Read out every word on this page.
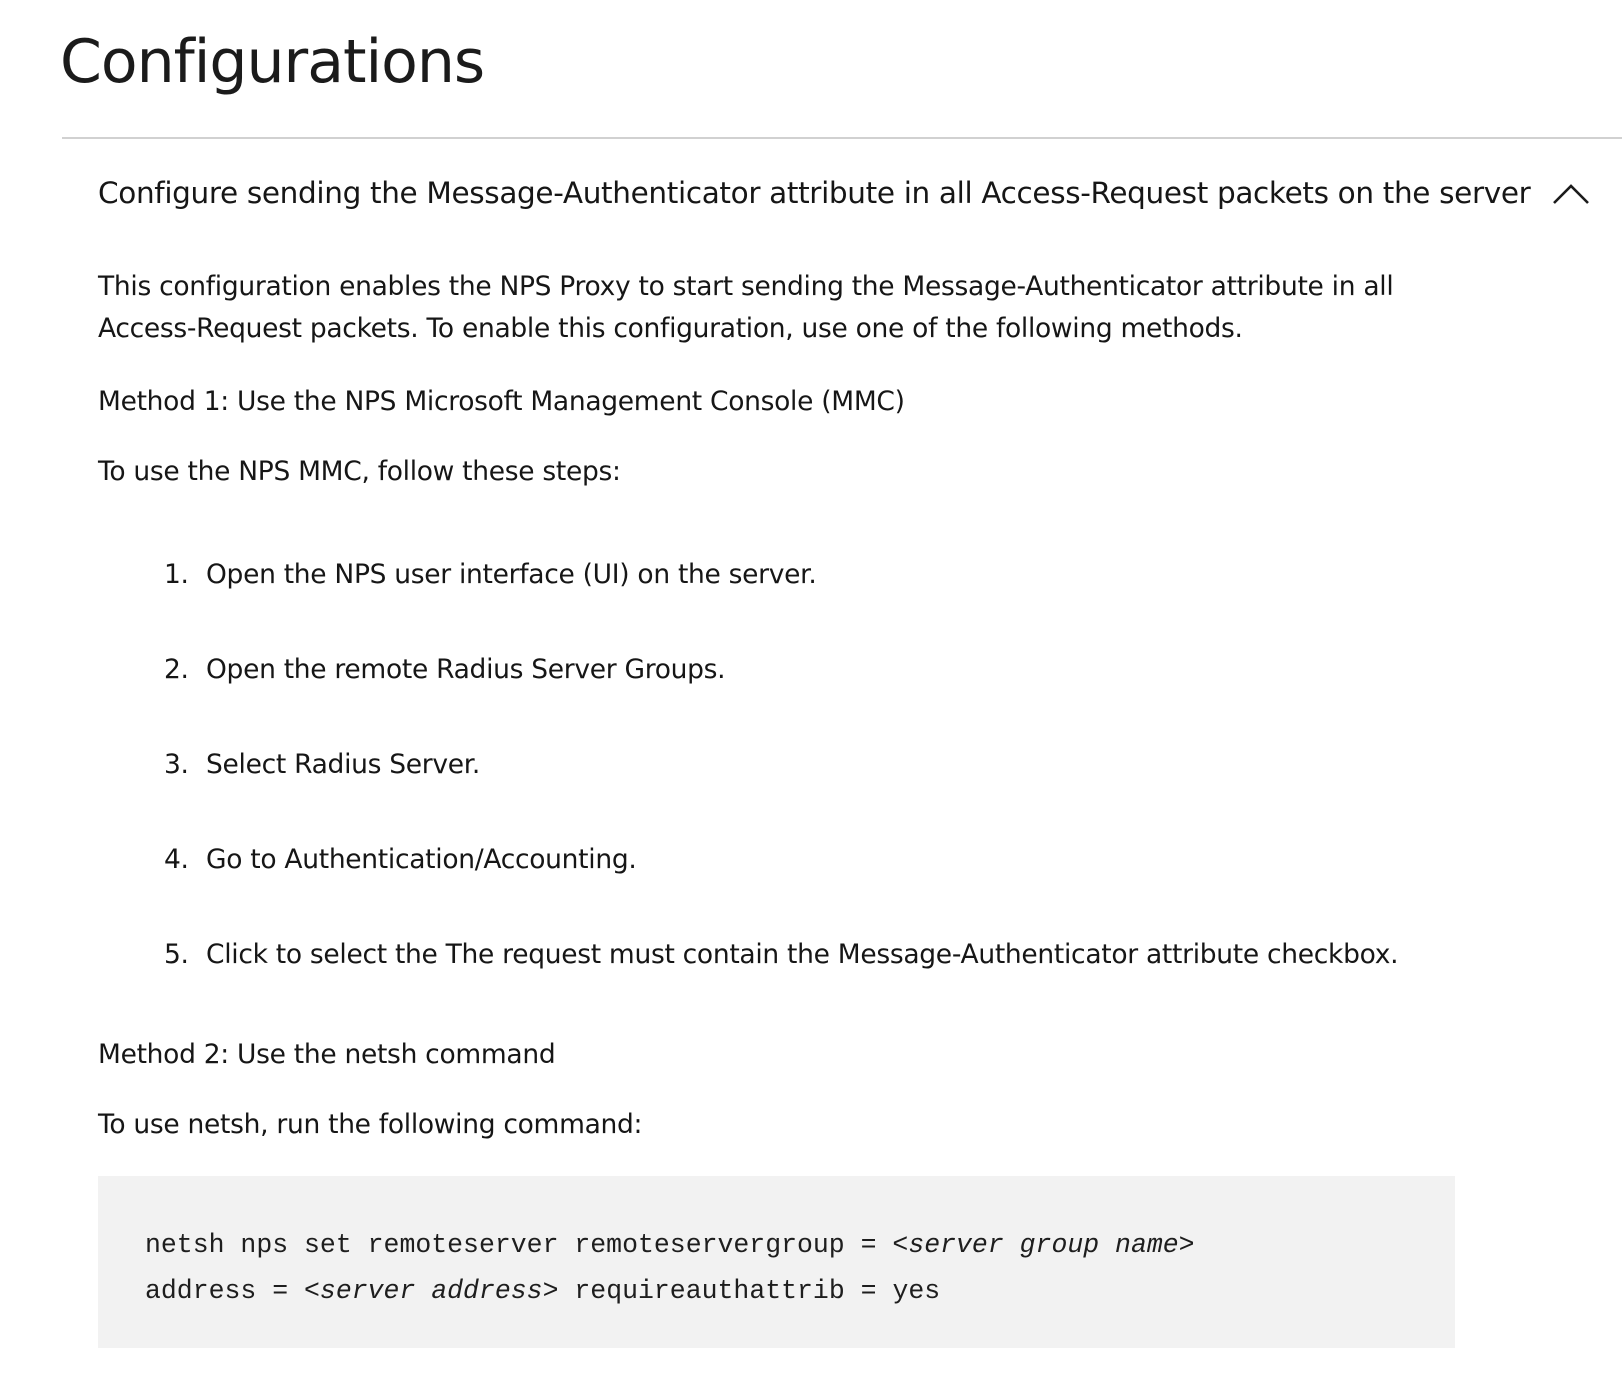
Configurations
Configure sending the Message-Authenticator attribute in all Access-Request packets on the server

This configuration enables the NPS Proxy to start sending the Message-Authenticator attribute in all Access-Request packets. To enable this configuration, use one of the following methods.

Method 1: Use the NPS Microsoft Management Console (MMC)

To use the NPS MMC, follow these steps:

1. Open the NPS user interface (UI) on the server.
2. Open the remote Radius Server Groups.
3. Select Radius Server.
4. Go to Authentication/Accounting.
5. Click to select the The request must contain the Message-Authenticator attribute checkbox.

Method 2: Use the netsh command

To use netsh, run the following command:

netsh nps set remoteserver remoteservergroup = <server group name>
address = <server address> requireauthattrib = yes
